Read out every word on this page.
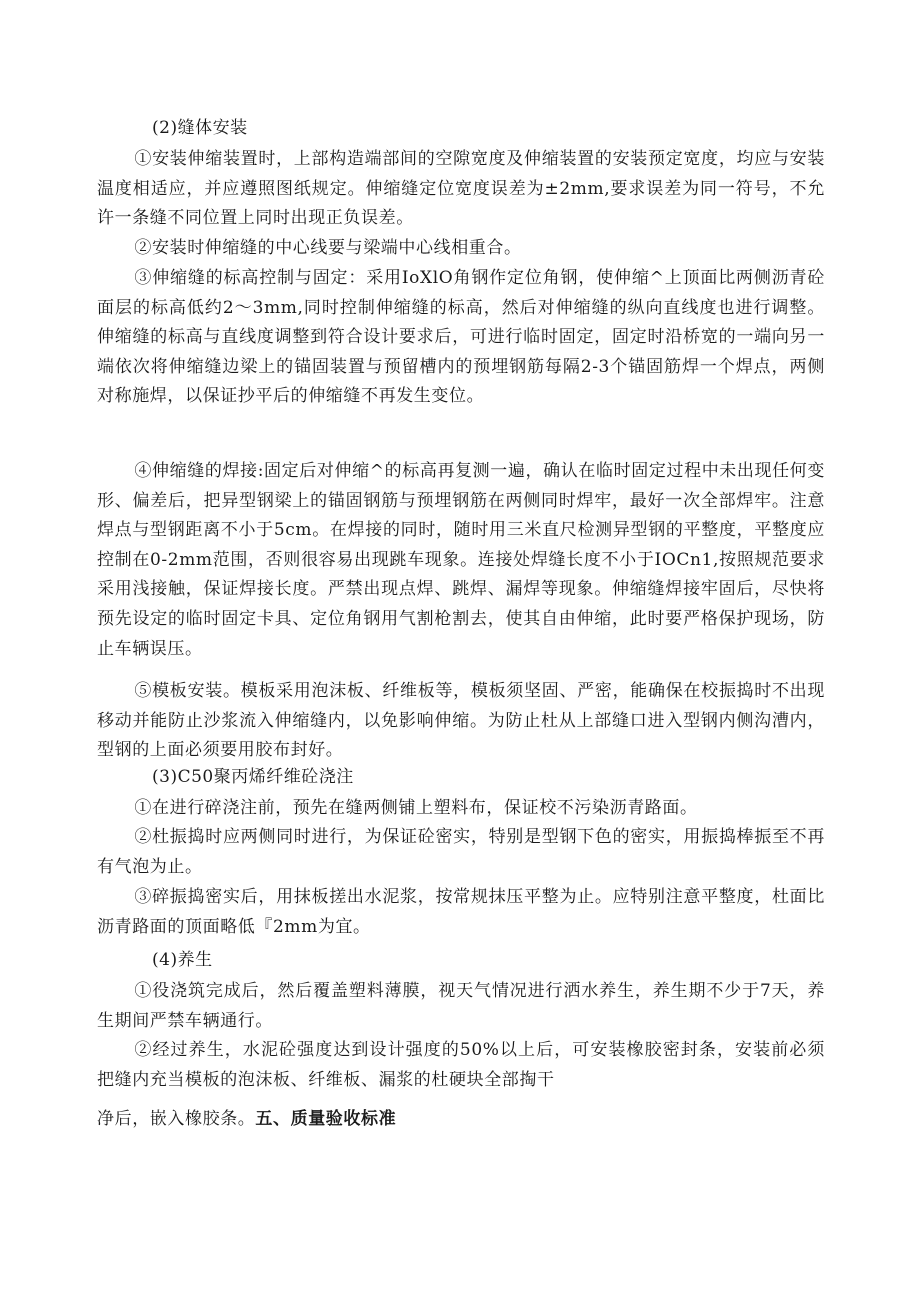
(2)缝体安装
①安装伸缩装置时，上部构造端部间的空隙宽度及伸缩装置的安装预定宽度，均应与安装温度相适应，并应遵照图纸规定。伸缩缝定位宽度误差为±2mm,要求误差为同一符号，不允许一条缝不同位置上同时出现正负误差。
②安装时伸缩缝的中心线要与梁端中心线相重合。
③伸缩缝的标高控制与固定：采用IoXlO角钢作定位角钢，使伸缩^上顶面比两侧沥青砼面层的标高低约2～3mm,同时控制伸缩缝的标高，然后对伸缩缝的纵向直线度也进行调整。伸缩缝的标高与直线度调整到符合设计要求后，可进行临时固定，固定时沿桥宽的一端向另一端依次将伸缩缝边梁上的锚固装置与预留槽内的预埋钢筋每隔2-3个锚固筋焊一个焊点，两侧对称施焊，以保证抄平后的伸缩缝不再发生变位。
④伸缩缝的焊接:固定后对伸缩^的标高再复测一遍，确认在临时固定过程中未出现任何变形、偏差后，把异型钢梁上的锚固钢筋与预埋钢筋在两侧同时焊牢，最好一次全部焊牢。注意焊点与型钢距离不小于5cm。在焊接的同时，随时用三米直尺检测异型钢的平整度，平整度应控制在0-2mm范围，否则很容易出现跳车现象。连接处焊缝长度不小于IOCn1,按照规范要求采用浅接触，保证焊接长度。严禁出现点焊、跳焊、漏焊等现象。伸缩缝焊接牢固后，尽快将预先设定的临时固定卡具、定位角钢用气割枪割去，使其自由伸缩，此时要严格保护现场，防止车辆误压。
⑤模板安装。模板采用泡沫板、纤维板等，模板须坚固、严密，能确保在校振捣时不出现移动并能防止沙浆流入伸缩缝内，以免影响伸缩。为防止杜从上部缝口进入型钢内侧沟漕内，型钢的上面必须要用胶布封好。
(3)C50聚丙烯纤维砼浇注
①在进行碎浇注前，预先在缝两侧铺上塑料布，保证校不污染沥青路面。
②杜振捣时应两侧同时进行，为保证砼密实，特别是型钢下色的密实，用振捣棒振至不再有气泡为止。
③碎振捣密实后，用抹板搓出水泥浆，按常规抹压平整为止。应特别注意平整度，杜面比沥青路面的顶面略低『2mm为宜。
(4)养生
①役浇筑完成后，然后覆盖塑料薄膜，视天气情况进行洒水养生，养生期不少于7天，养生期间严禁车辆通行。
②经过养生，水泥砼强度达到设计强度的50%以上后，可安装橡胶密封条，安装前必须把缝内充当模板的泡沫板、纤维板、漏浆的杜硬块全部掏干
净后，嵌入橡胶条。五、质量验收标准
